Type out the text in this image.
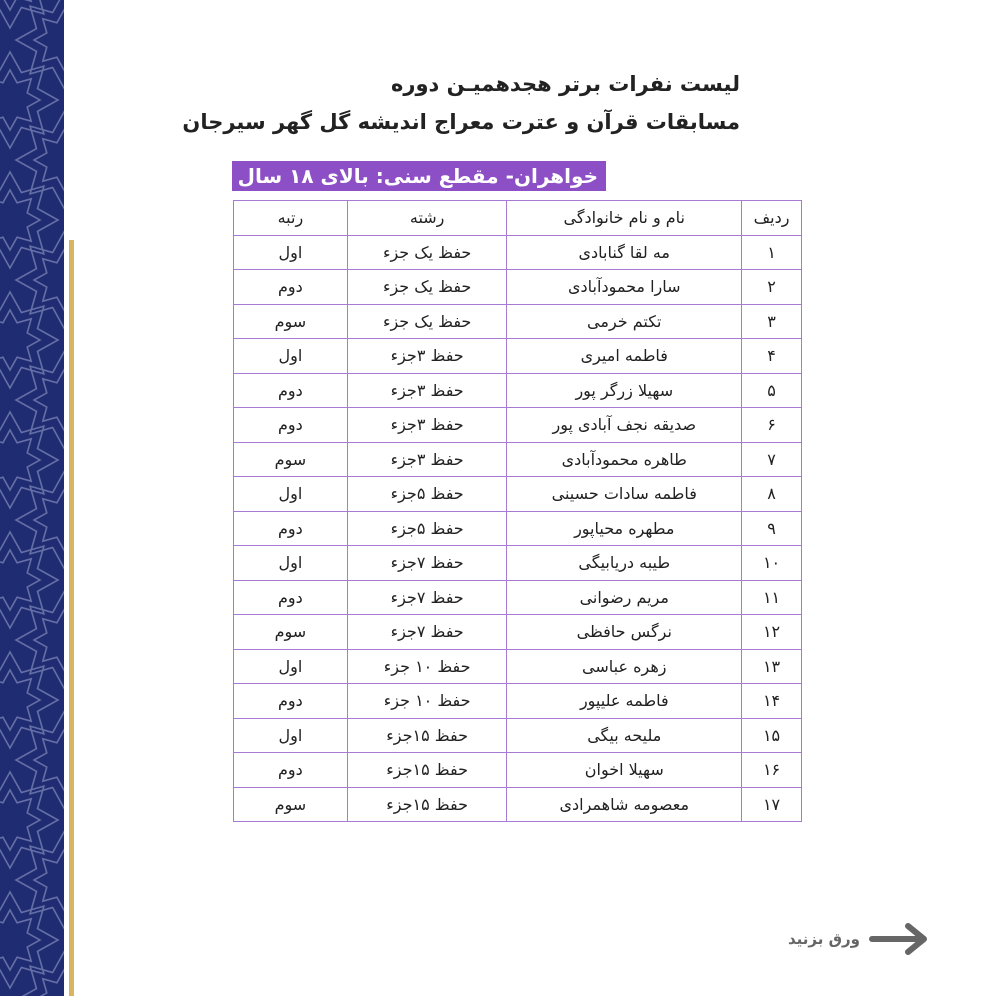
لیست نفرات برتر هجدهمیـن دوره
مسابقات قرآن و عترت معراج اندیشه گل گهر سیرجان
خواهران- مقطع سنی: بالای ۱۸ سال
ردیف	نام و نام خانوادگی	رشته	رتبه
۱	مه لقا گنابادی	حفظ یک جزء	اول
۲	سارا محمودآبادی	حفظ یک جزء	دوم
۳	تکتم خرمی	حفظ یک جزء	سوم
۴	فاطمه امیری	حفظ ۳جزء	اول
۵	سهیلا زرگر پور	حفظ ۳جزء	دوم
۶	صدیقه نجف آبادی پور	حفظ ۳جزء	دوم
۷	طاهره محمودآبادی	حفظ ۳جزء	سوم
۸	فاطمه سادات حسینی	حفظ ۵جزء	اول
۹	مطهره محیاپور	حفظ ۵جزء	دوم
۱۰	طیبه دریابیگی	حفظ ۷جزء	اول
۱۱	مریم رضوانی	حفظ ۷جزء	دوم
۱۲	نرگس حافظی	حفظ ۷جزء	سوم
۱۳	زهره عباسی	حفظ ۱۰ جزء	اول
۱۴	فاطمه علیپور	حفظ ۱۰ جزء	دوم
۱۵	ملیحه بیگی	حفظ ۱۵جزء	اول
۱۶	سهیلا اخوان	حفظ ۱۵جزء	دوم
۱۷	معصومه شاهمرادی	حفظ ۱۵جزء	سوم
ورق بزنید
